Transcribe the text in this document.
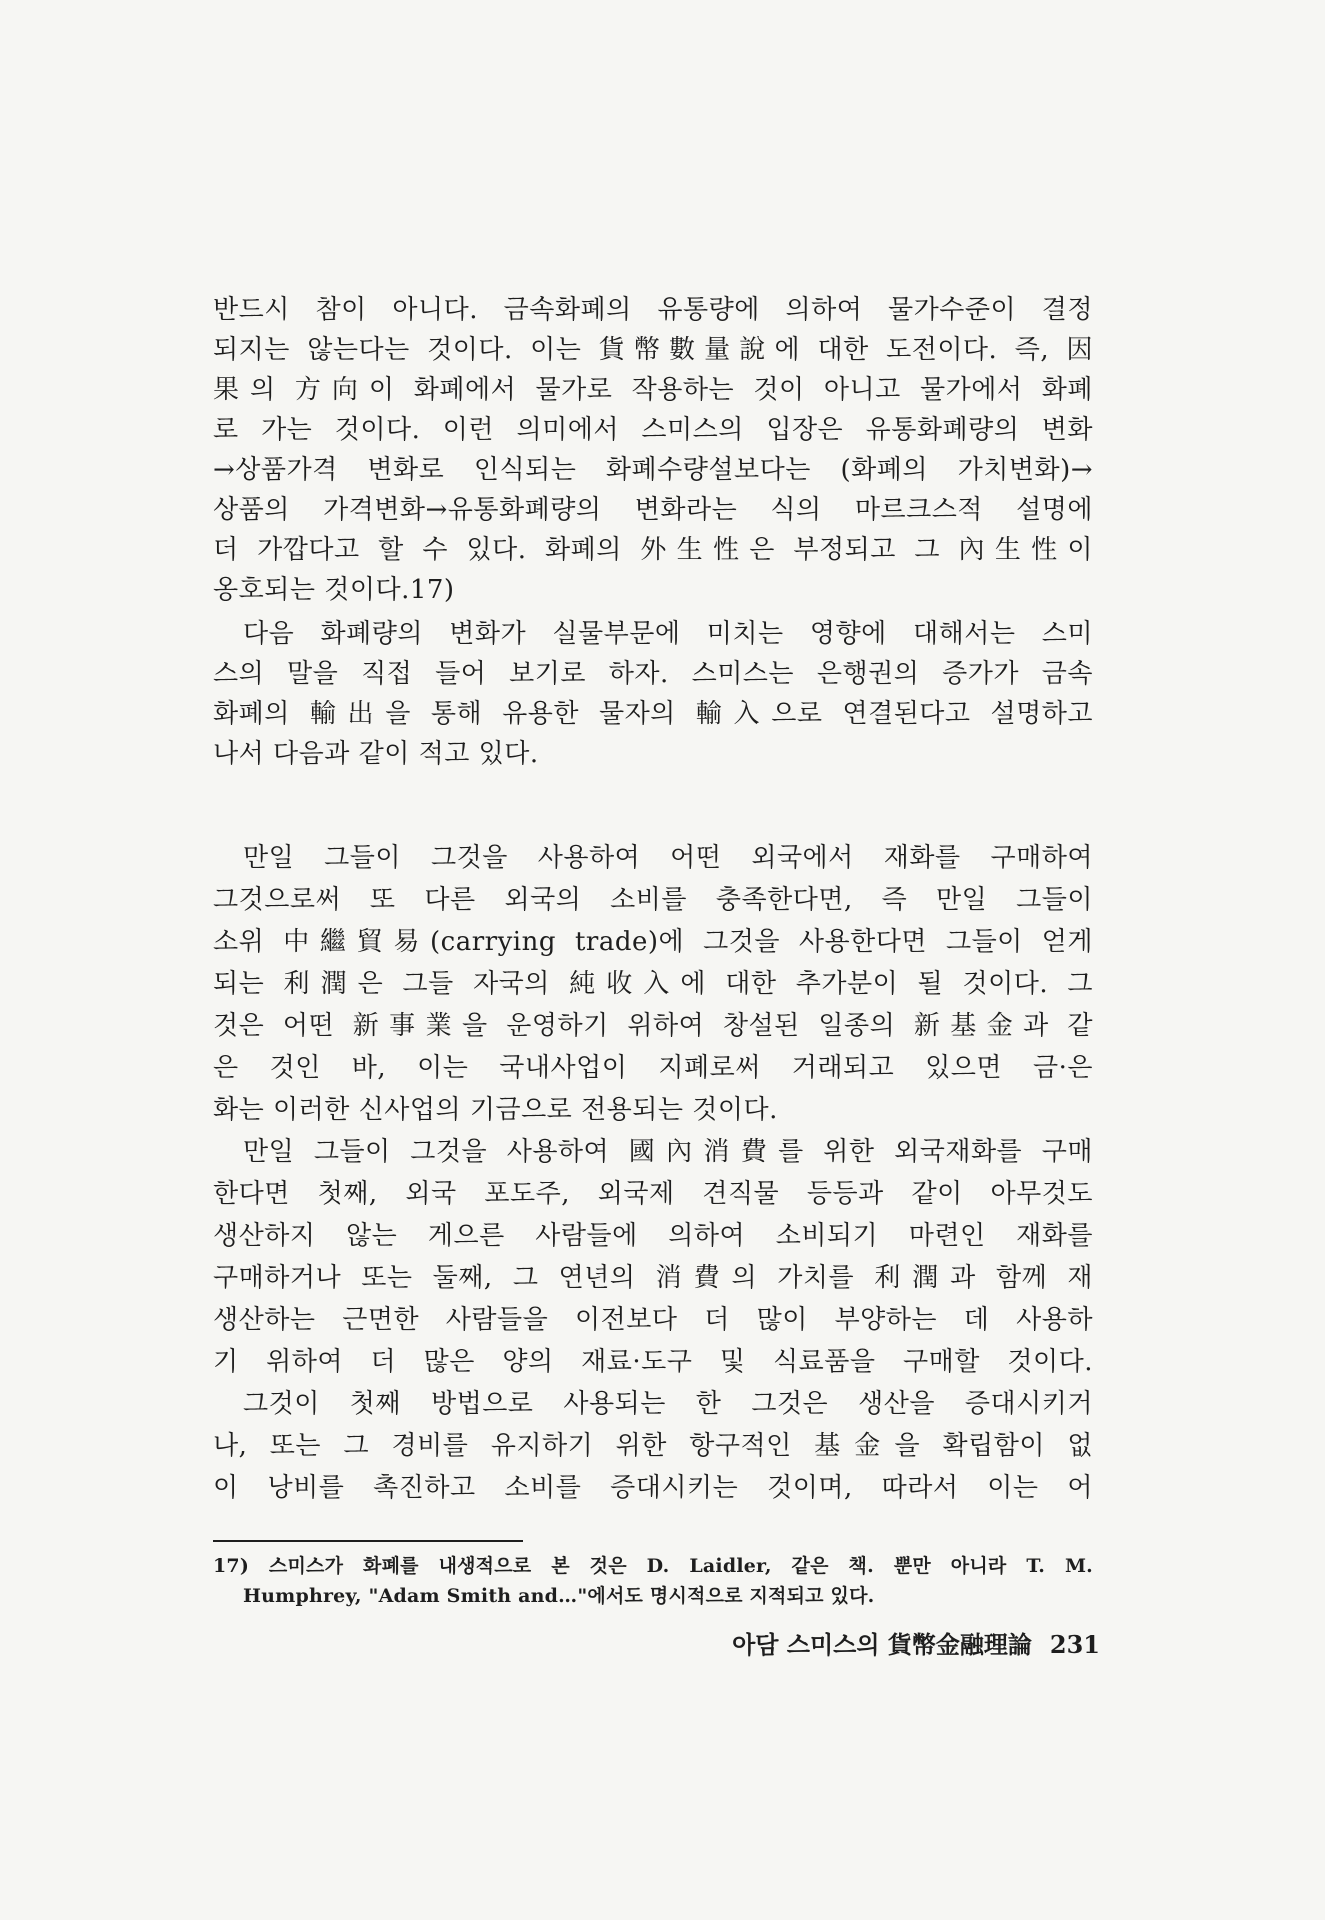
반드시 참이 아니다. 금속화폐의 유통량에 의하여 물가수준이 결정
되지는 않는다는 것이다. 이는 貨幣數量說에 대한 도전이다. 즉, 因
果의 方向이 화폐에서 물가로 작용하는 것이 아니고 물가에서 화폐
로 가는 것이다. 이런 의미에서 스미스의 입장은 유통화폐량의 변화
→상품가격 변화로 인식되는 화폐수량설보다는 (화폐의 가치변화)→
상품의 가격변화→유통화폐량의 변화라는 식의 마르크스적 설명에
더 가깝다고 할 수 있다. 화폐의 外生性은 부정되고 그 內生性이
옹호되는 것이다.17)
다음 화폐량의 변화가 실물부문에 미치는 영향에 대해서는 스미
스의 말을 직접 들어 보기로 하자. 스미스는 은행권의 증가가 금속
화폐의 輸出을 통해 유용한 물자의 輸入으로 연결된다고 설명하고
나서 다음과 같이 적고 있다.
만일 그들이 그것을 사용하여 어떤 외국에서 재화를 구매하여
그것으로써 또 다른 외국의 소비를 충족한다면, 즉 만일 그들이
소위 中繼貿易(carrying trade)에 그것을 사용한다면 그들이 얻게
되는 利潤은 그들 자국의 純收入에 대한 추가분이 될 것이다. 그
것은 어떤 新事業을 운영하기 위하여 창설된 일종의 新基金과 같
은 것인 바, 이는 국내사업이 지폐로써 거래되고 있으면 금·은
화는 이러한 신사업의 기금으로 전용되는 것이다.
만일 그들이 그것을 사용하여 國內消費를 위한 외국재화를 구매
한다면 첫째, 외국 포도주, 외국제 견직물 등등과 같이 아무것도
생산하지 않는 게으른 사람들에 의하여 소비되기 마련인 재화를
구매하거나 또는 둘째, 그 연년의 消費의 가치를 利潤과 함께 재
생산하는 근면한 사람들을 이전보다 더 많이 부양하는 데 사용하
기 위하여 더 많은 양의 재료·도구 및 식료품을 구매할 것이다.
그것이 첫째 방법으로 사용되는 한 그것은 생산을 증대시키거
나, 또는 그 경비를 유지하기 위한 항구적인 基金을 확립함이 없
이 낭비를 촉진하고 소비를 증대시키는 것이며, 따라서 이는 어
17) 스미스가 화폐를 내생적으로 본 것은 D. Laidler, 같은 책. 뿐만 아니라 T. M.
Humphrey, "Adam Smith and…"에서도 명시적으로 지적되고 있다.
아담 스미스의 貨幣金融理論 231
